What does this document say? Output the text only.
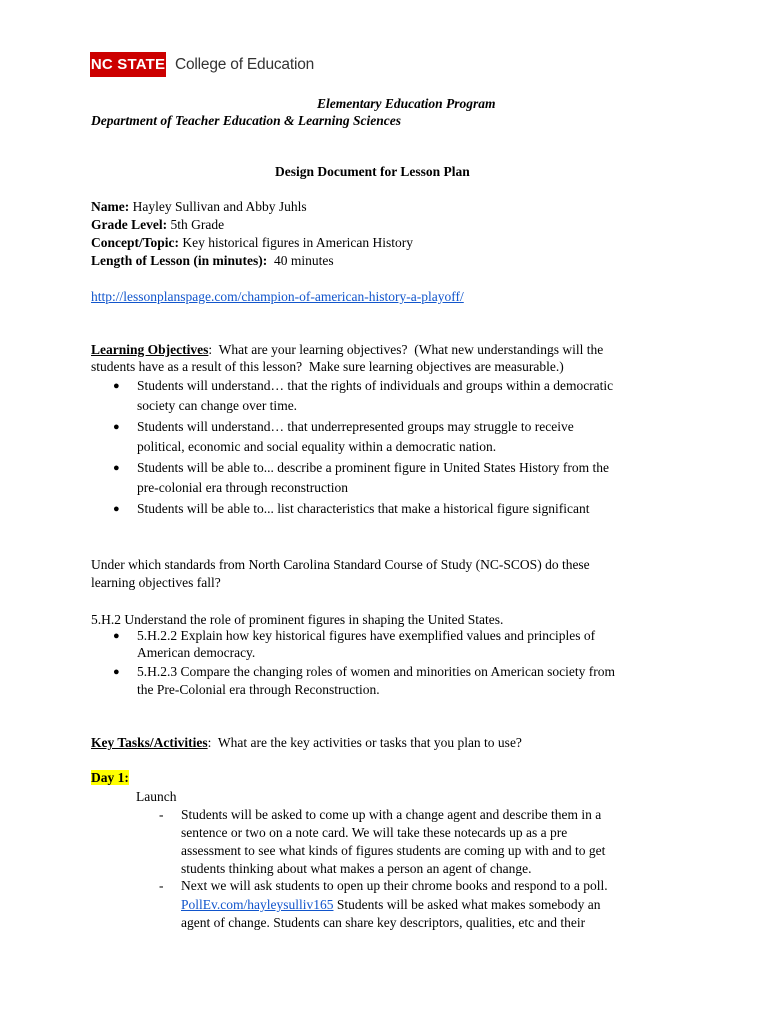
NC STATE College of Education
Elementary Education Program
Department of Teacher Education & Learning Sciences
Design Document for Lesson Plan
Name: Hayley Sullivan and Abby Juhls
Grade Level: 5th Grade
Concept/Topic: Key historical figures in American History
Length of Lesson (in minutes):  40 minutes
http://lessonplanspage.com/champion-of-american-history-a-playoff/
Learning Objectives:  What are your learning objectives?  (What new understandings will the
students have as a result of this lesson?  Make sure learning objectives are measurable.)
● Students will understand… that the rights of individuals and groups within a democratic
society can change over time.
● Students will understand… that underrepresented groups may struggle to receive
political, economic and social equality within a democratic nation.
● Students will be able to... describe a prominent figure in United States History from the
pre-colonial era through reconstruction
● Students will be able to... list characteristics that make a historical figure significant
Under which standards from North Carolina Standard Course of Study (NC-SCOS) do these
learning objectives fall?
5.H.2 Understand the role of prominent figures in shaping the United States.
● 5.H.2.2 Explain how key historical figures have exemplified values and principles of
American democracy.
● 5.H.2.3 Compare the changing roles of women and minorities on American society from
the Pre-Colonial era through Reconstruction.
Key Tasks/Activities:  What are the key activities or tasks that you plan to use?
Day 1:
Launch
- Students will be asked to come up with a change agent and describe them in a
sentence or two on a note card. We will take these notecards up as a pre
assessment to see what kinds of figures students are coming up with and to get
students thinking about what makes a person an agent of change.
- Next we will ask students to open up their chrome books and respond to a poll.
PollEv.com/hayleysulliv165 Students will be asked what makes somebody an
agent of change. Students can share key descriptors, qualities, etc and their
